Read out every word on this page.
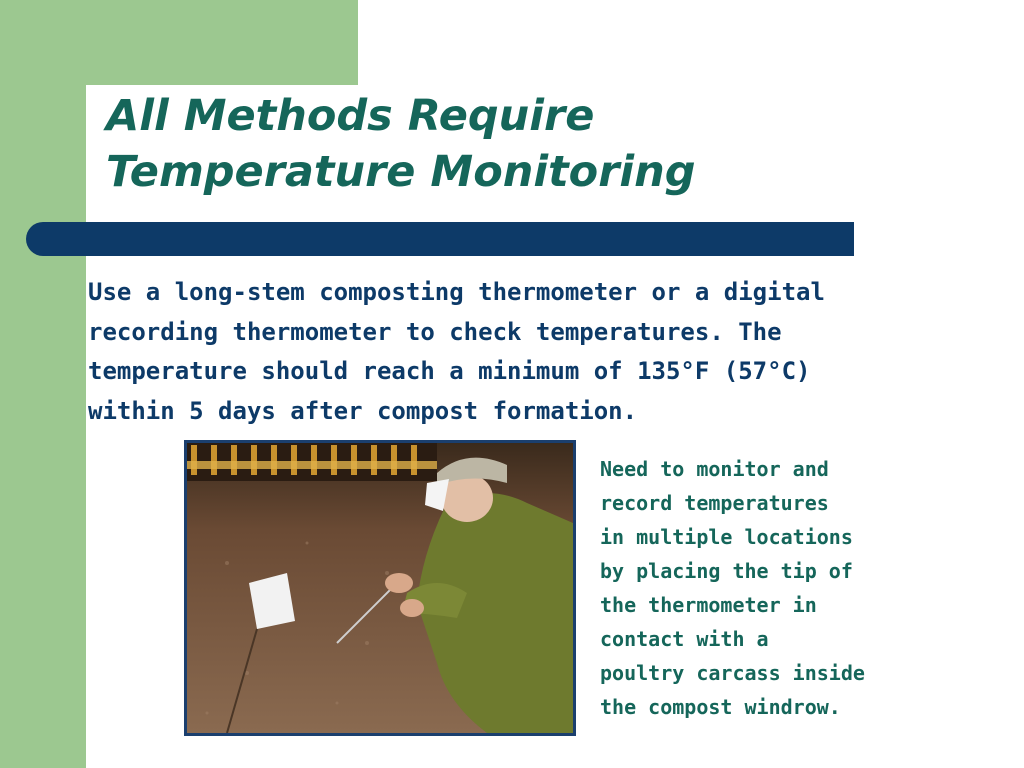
All Methods Require
Temperature Monitoring

Use a long-stem composting thermometer or a digital
recording thermometer to check temperatures. The
temperature should reach a minimum of 135°F (57°C)
within 5 days after compost formation.

Need to monitor and
record temperatures
in multiple locations
by placing the tip of
the thermometer in
contact with a
poultry carcass inside
the compost windrow.
